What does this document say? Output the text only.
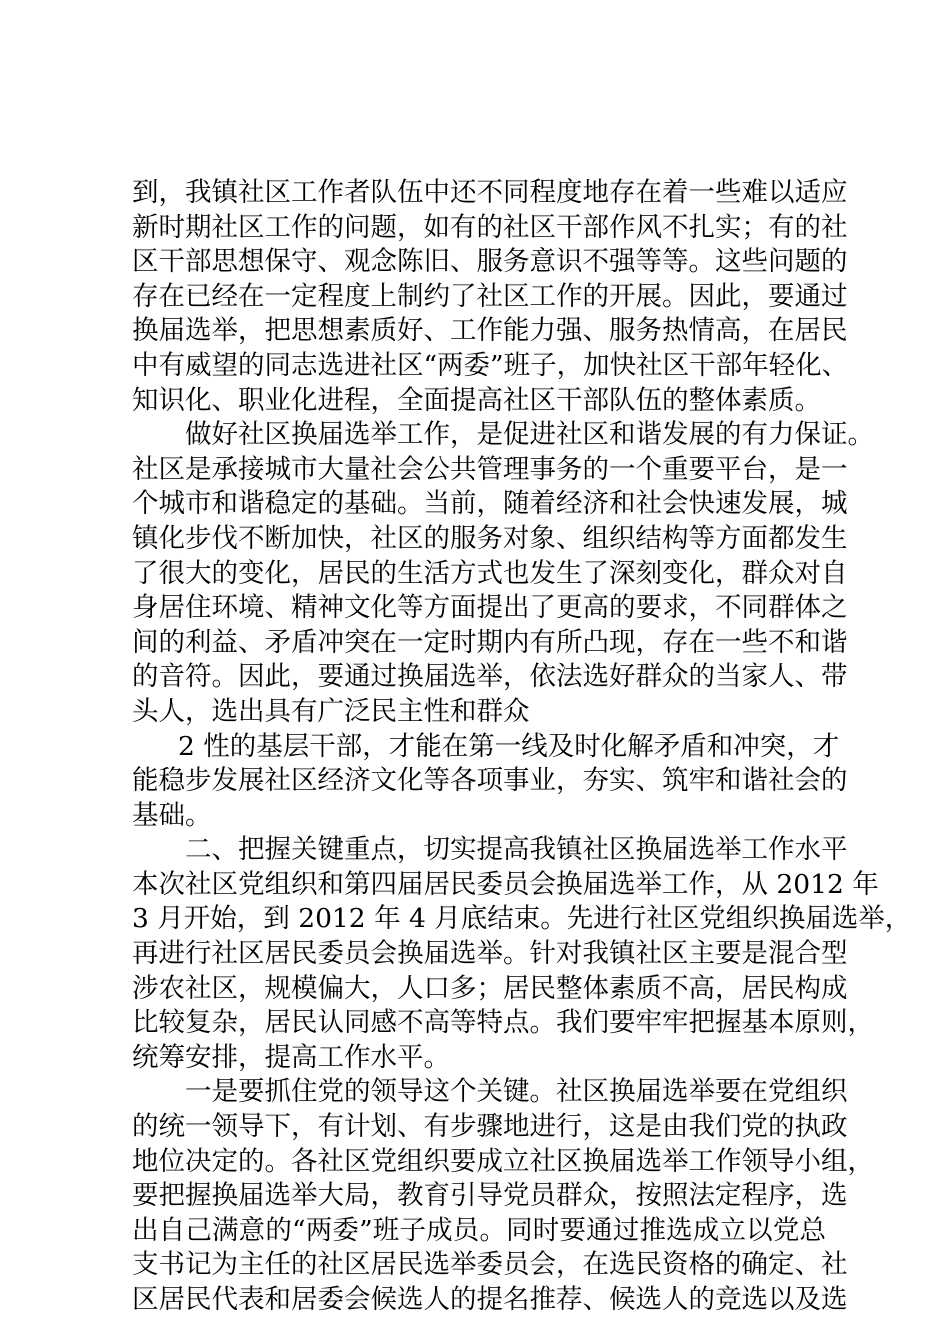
到，我镇社区工作者队伍中还不同程度地存在着一些难以适应
新时期社区工作的问题，如有的社区干部作风不扎实；有的社
区干部思想保守、观念陈旧、服务意识不强等等。这些问题的
存在已经在一定程度上制约了社区工作的开展。因此，要通过
换届选举，把思想素质好、工作能力强、服务热情高，在居民
中有威望的同志选进社区“两委”班子，加快社区干部年轻化、
知识化、职业化进程，全面提高社区干部队伍的整体素质。
做好社区换届选举工作，是促进社区和谐发展的有力保证。
社区是承接城市大量社会公共管理事务的一个重要平台，是一
个城市和谐稳定的基础。当前，随着经济和社会快速发展，城
镇化步伐不断加快，社区的服务对象、组织结构等方面都发生
了很大的变化，居民的生活方式也发生了深刻变化，群众对自
身居住环境、精神文化等方面提出了更高的要求，不同群体之
间的利益、矛盾冲突在一定时期内有所凸现，存在一些不和谐
的音符。因此，要通过换届选举，依法选好群众的当家人、带
头人，选出具有广泛民主性和群众
2 性的基层干部，才能在第一线及时化解矛盾和冲突，才
能稳步发展社区经济文化等各项事业，夯实、筑牢和谐社会的
基础。
二、把握关键重点，切实提高我镇社区换届选举工作水平
本次社区党组织和第四届居民委员会换届选举工作，从 2012 年
3 月开始，到 2012 年 4 月底结束。先进行社区党组织换届选举，
再进行社区居民委员会换届选举。针对我镇社区主要是混合型
涉农社区，规模偏大，人口多；居民整体素质不高，居民构成
比较复杂，居民认同感不高等特点。我们要牢牢把握基本原则，
统筹安排，提高工作水平。
一是要抓住党的领导这个关键。社区换届选举要在党组织
的统一领导下，有计划、有步骤地进行，这是由我们党的执政
地位决定的。各社区党组织要成立社区换届选举工作领导小组，
要把握换届选举大局，教育引导党员群众，按照法定程序，选
出自己满意的“两委”班子成员。同时要通过推选成立以党总
支书记为主任的社区居民选举委员会，在选民资格的确定、社
区居民代表和居委会候选人的提名推荐、候选人的竞选以及选
